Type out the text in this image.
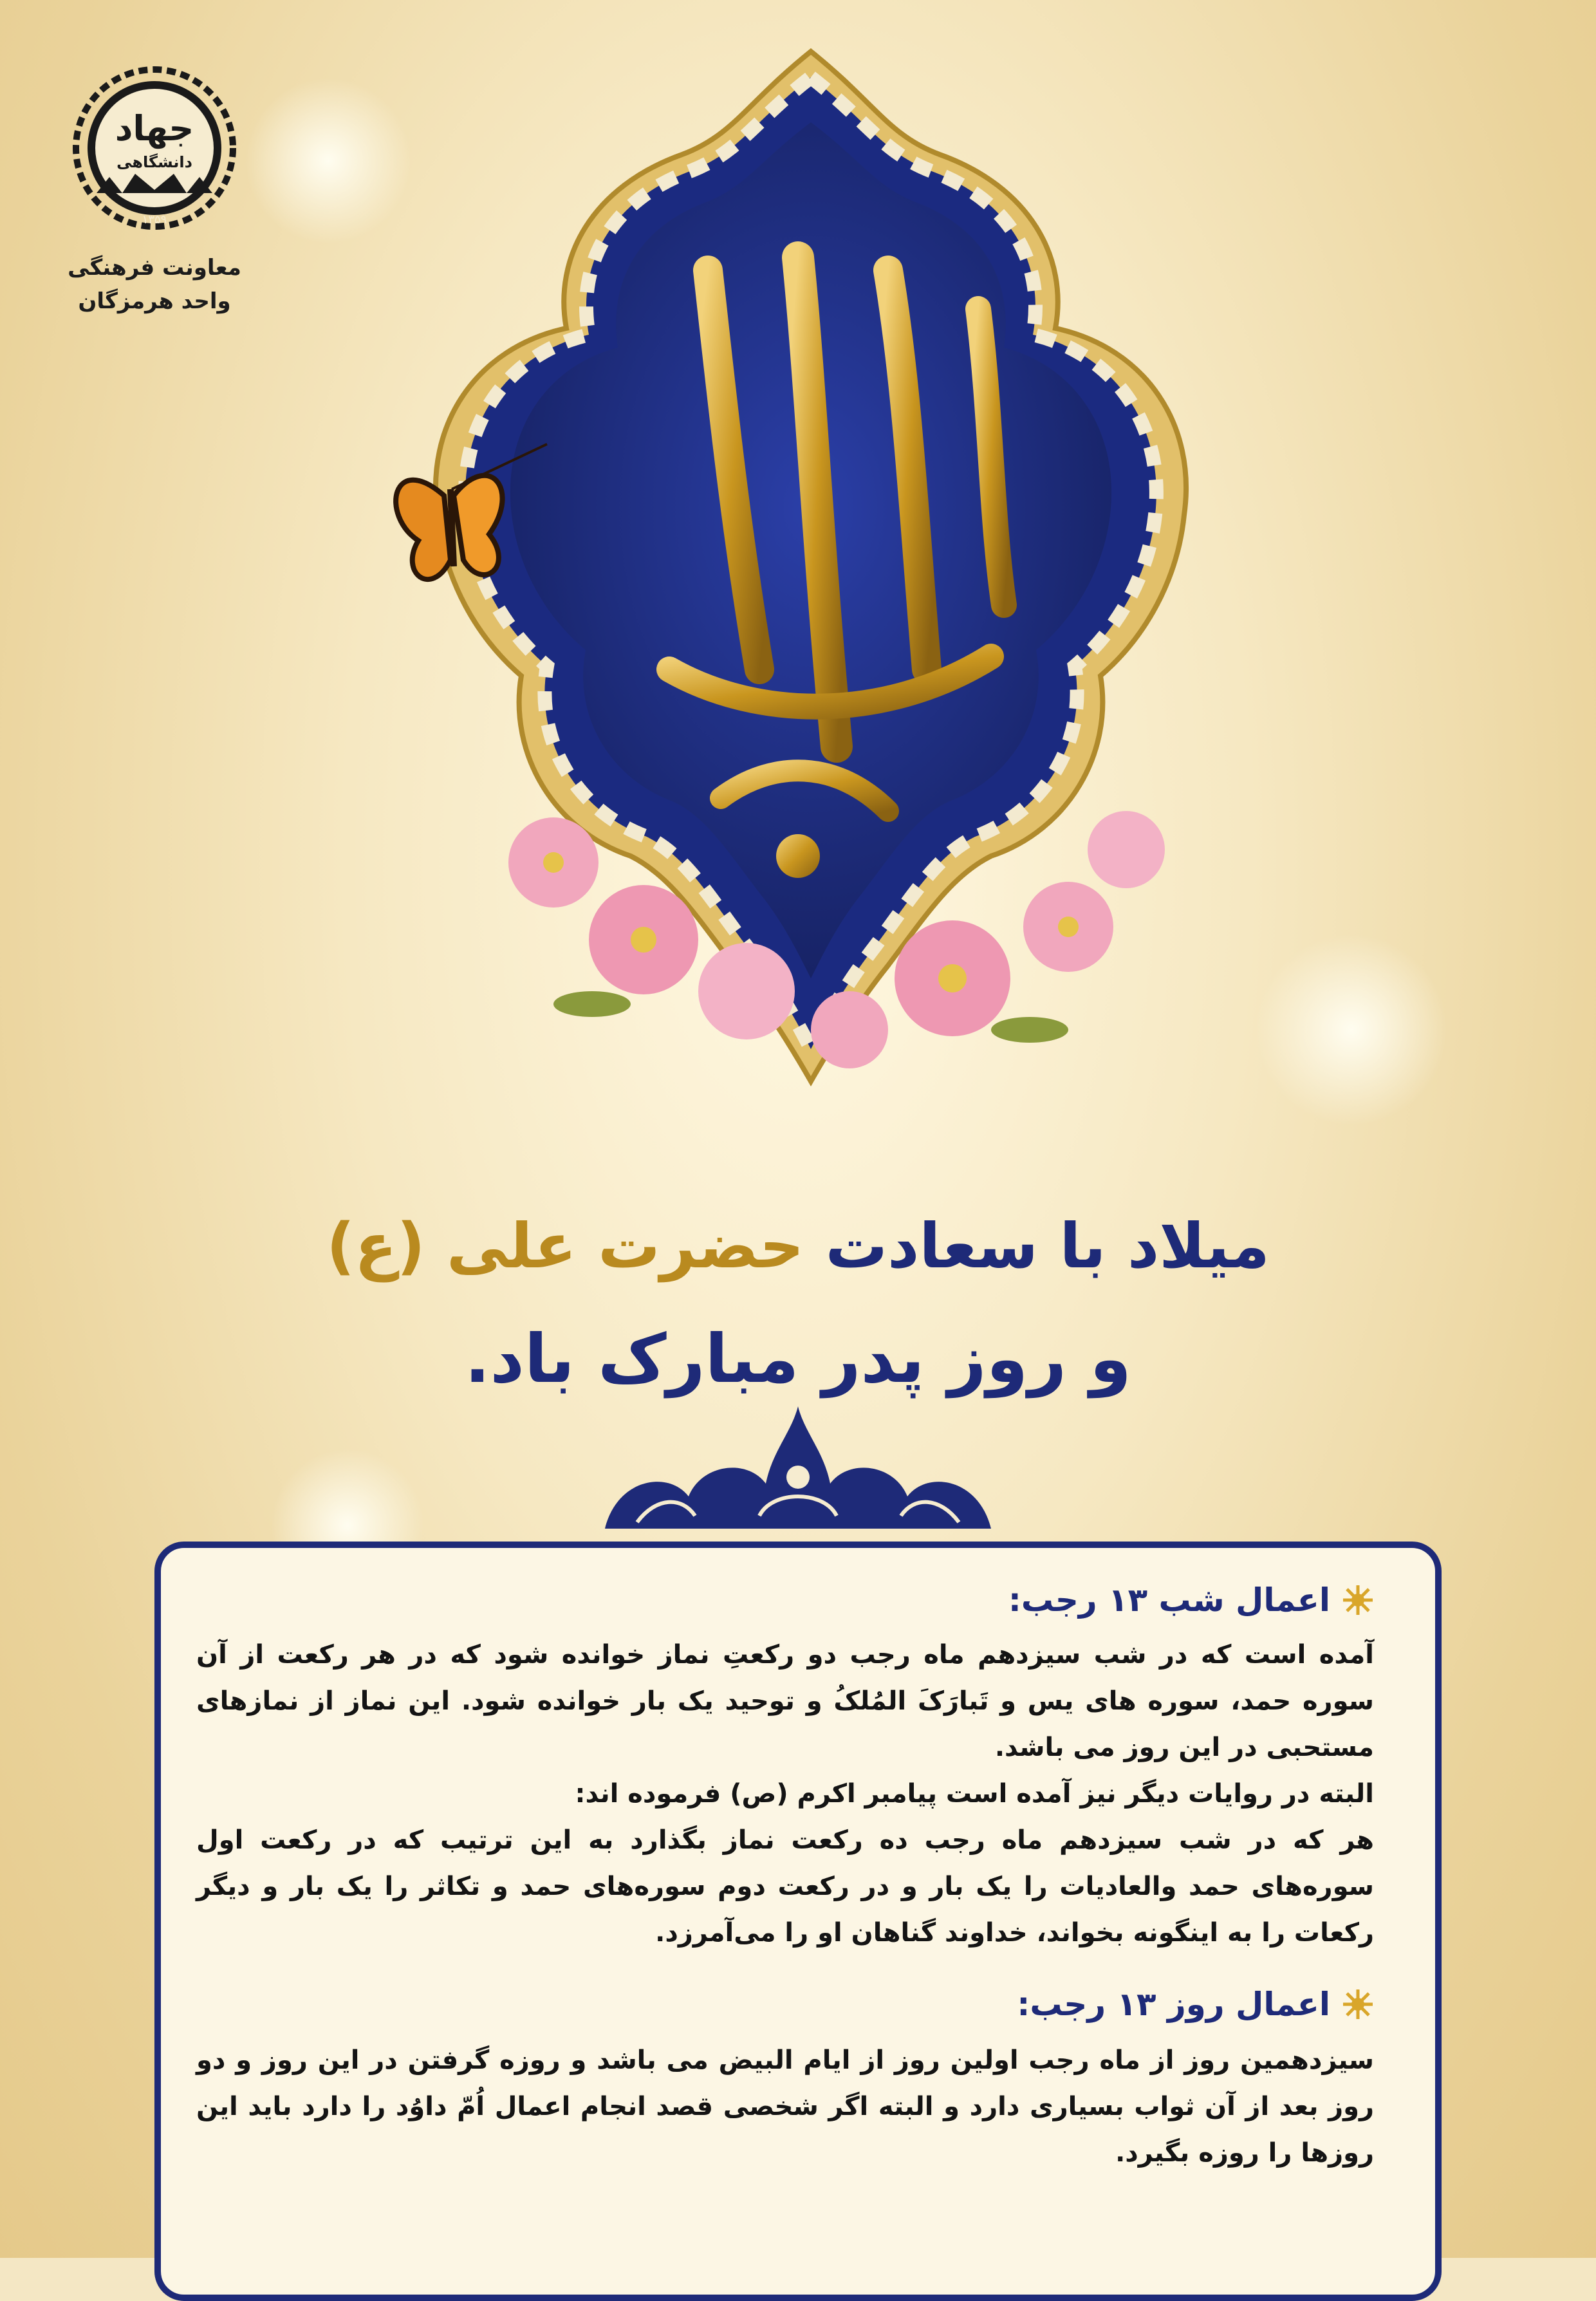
جهاد
دانشگاهی
۱۳۵۹
معاونت فرهنگی
واحد هرمزگان
میلاد با سعادت حضرت علی (ع)
و روز پدر مبارک باد.
اعمال شب ۱۳ رجب:

آمده است که در شب سیزدهم ماه رجب دو رکعتِ نماز خوانده شود که در هر رکعت از آن سوره حمد، سوره های یس و تَبارَکَ المُلکُ و توحید یک بار خوانده شود. این نماز از نمازهای مستحبی در این روز می باشد.

البته در روایات دیگر نیز آمده است پیامبر اکرم (ص) فرموده اند:

هر که در شب سیزدهم ماه رجب ده رکعت نماز بگذارد به این ترتیب که در رکعت اول سوره‌های حمد والعادیات را یک بار و در رکعت دوم سوره‌های حمد و تکاثر را یک بار و دیگر رکعات را به اینگونه بخواند، خداوند گناهان او را می‌آمرزد.

اعمال روز ۱۳ رجب:

سیزدهمین روز از ماه رجب اولین روز از ایام البیض می باشد و روزه گرفتن در این روز و دو روز بعد از آن ثواب بسیاری دارد و البته اگر شخصی قصد انجام اعمال اُمّ داوُد را دارد باید این روزها را روزه بگیرد.
